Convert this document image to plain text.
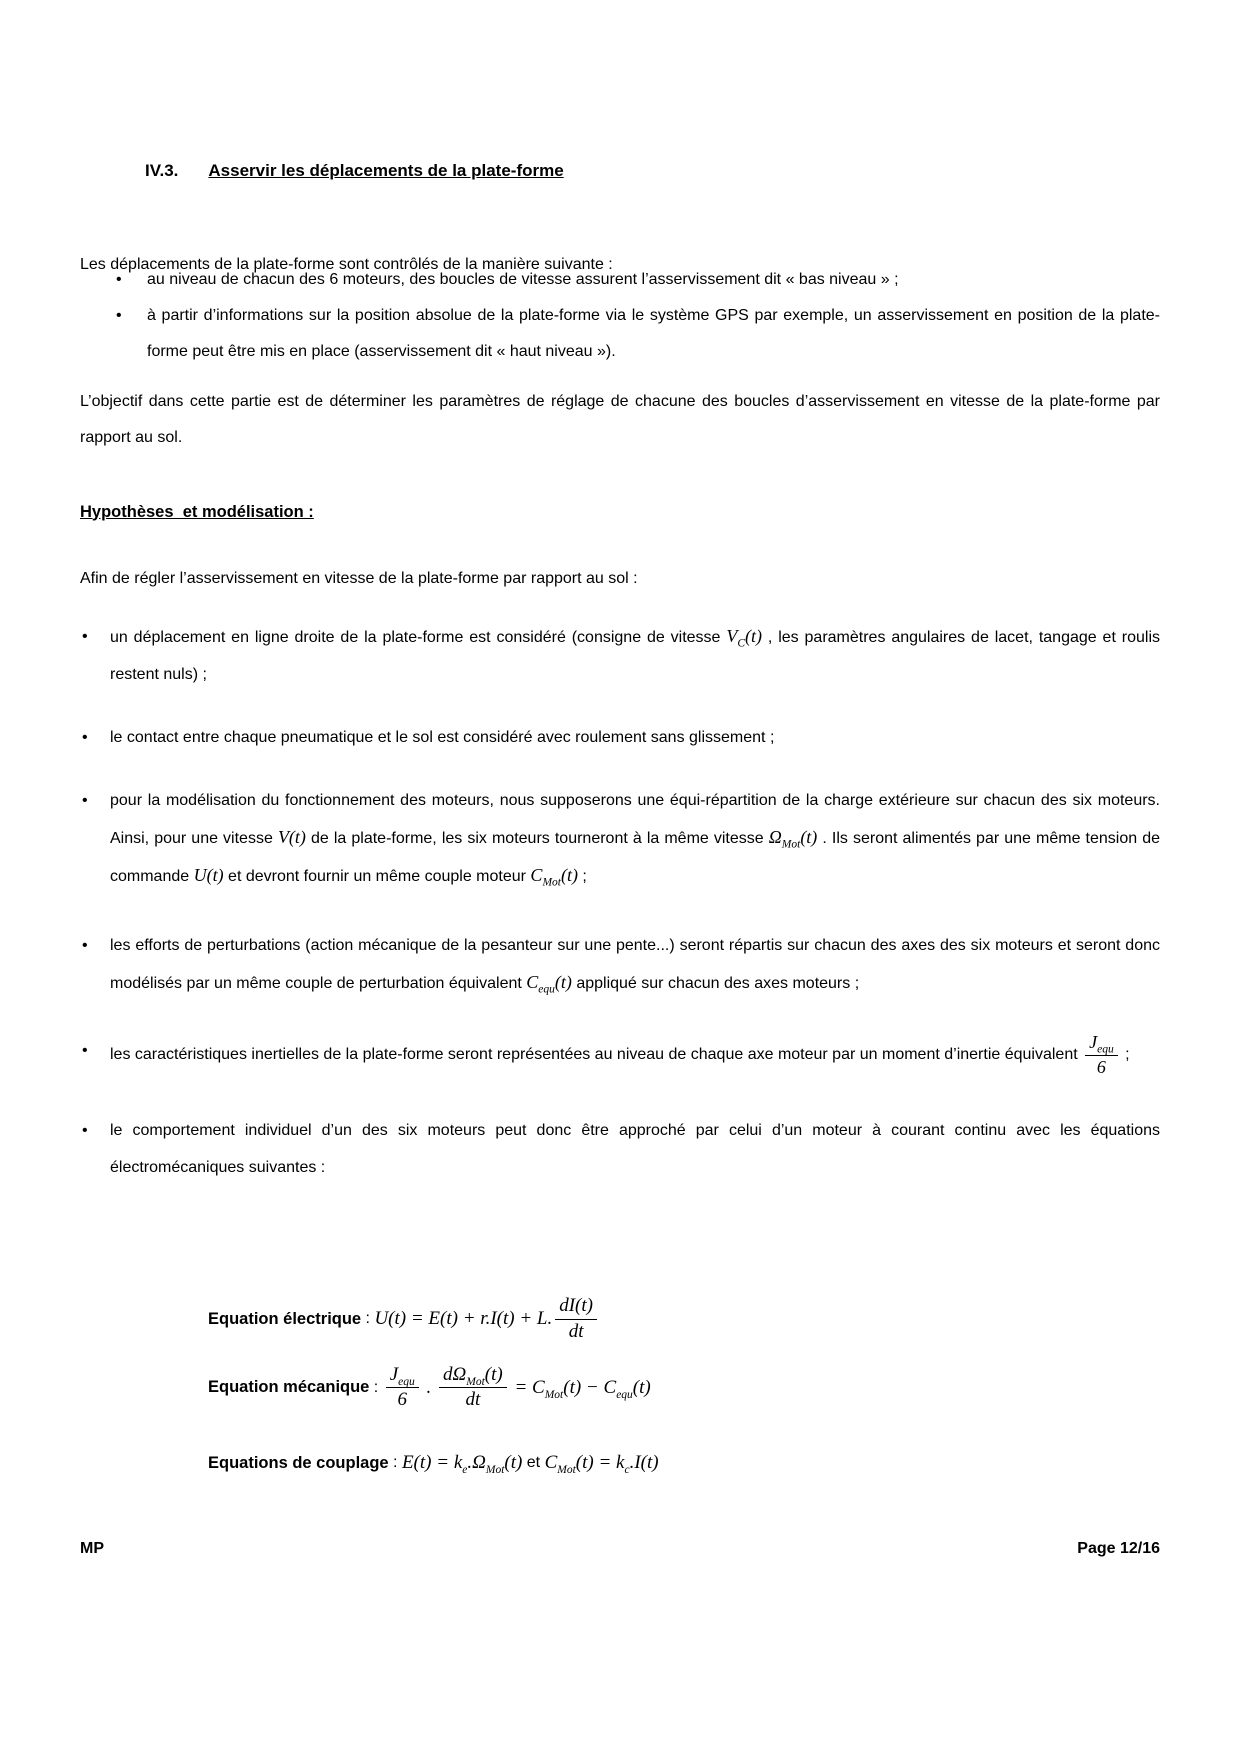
IV.3. Asservir les déplacements de la plate-forme

Les déplacements de la plate-forme sont contrôlés de la manière suivante :

• au niveau de chacun des 6 moteurs, des boucles de vitesse assurent l’asservissement dit « bas niveau » ;
• à partir d’informations sur la position absolue de la plate-forme via le système GPS par exemple, un asservissement en position de la plate-forme peut être mis en place (asservissement dit « haut niveau »).

L’objectif dans cette partie est de déterminer les paramètres de réglage de chacune des boucles d’asservissement en vitesse de la plate-forme par rapport au sol.

Hypothèses  et modélisation :

Afin de régler l’asservissement en vitesse de la plate-forme par rapport au sol :

• un déplacement en ligne droite de la plate-forme est considéré (consigne de vitesse $V_C(t)$ , les paramètres angulaires de lacet, tangage et roulis restent nuls) ;
• le contact entre chaque pneumatique et le sol est considéré avec roulement sans glissement ;
• pour la modélisation du fonctionnement des moteurs, nous supposerons une équi-répartition de la charge extérieure sur chacun des six moteurs. Ainsi, pour une vitesse V(t) de la plate-forme, les six moteurs tourneront à la même vitesse $\Omega_{Mot}(t)$ . Ils seront alimentés par une même tension de commande U(t) et devront fournir un même couple moteur $C_{Mot}(t)$ ;
• les efforts de perturbations (action mécanique de la pesanteur sur une pente...) seront répartis sur chacun des axes des six moteurs et seront donc modélisés par un même couple de perturbation équivalent $C_{equ}(t)$ appliqué sur chacun des axes moteurs ;
• les caractéristiques inertielles de la plate-forme seront représentées au niveau de chaque axe moteur par un moment d’inertie équivalent $\frac{J_{equ}}{6}$ ;
• le comportement individuel d’un des six moteurs peut donc être approché par celui d’un moteur à courant continu avec les équations électromécaniques suivantes :
Equation électrique : U(t) = E(t) + r.I(t) + L. $\frac{dI(t)}{dt}$
Equation mécanique : $\frac{J_{equ}}{6}$ . $\frac{d\Omega_{Mot}(t)}{dt} = C_{Mot}(t) - C_{equ}(t)$
Equations de couplage : $E(t) = k_e.\Omega_{Mot}(t)$ et $C_{Mot}(t) = k_c.I(t)$
MP	Page 12/16
